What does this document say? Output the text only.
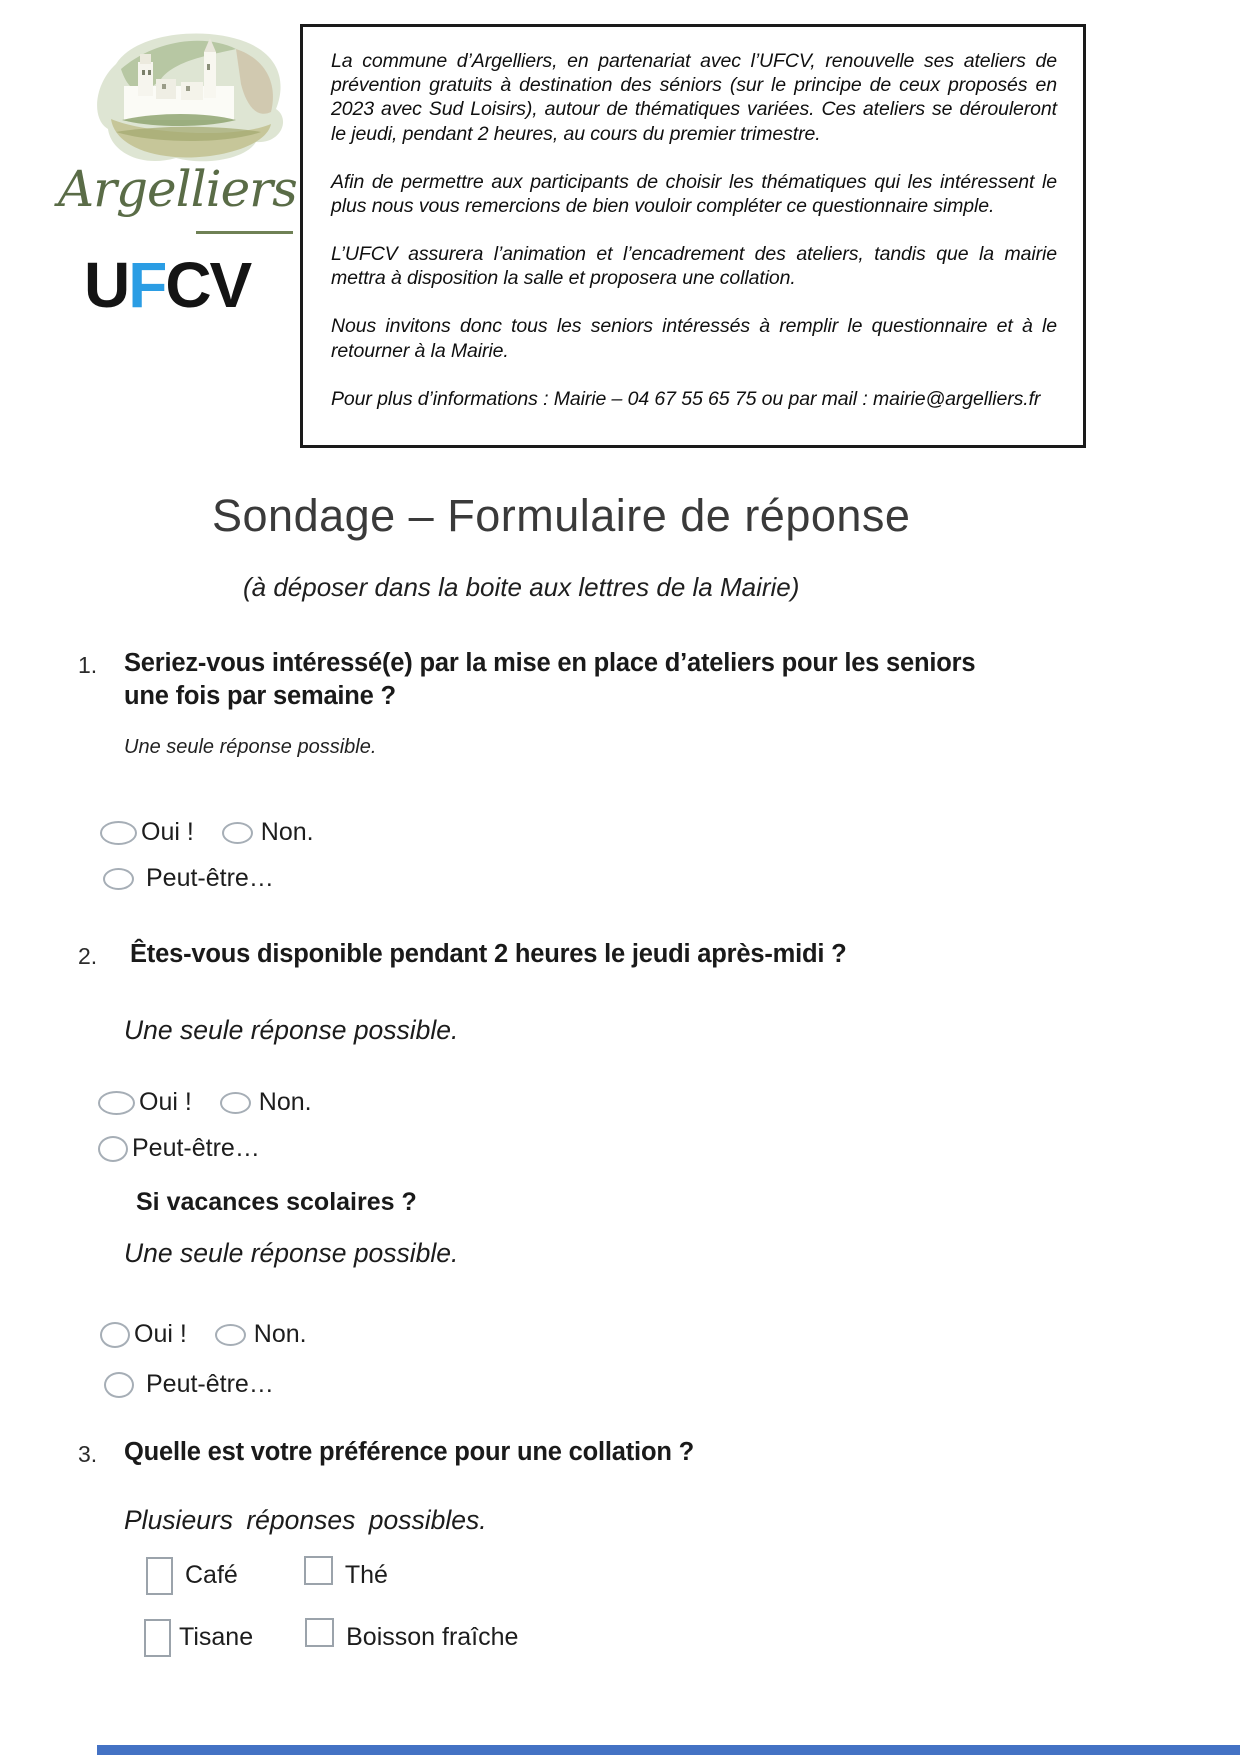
Argelliers
UFCV

La commune d’Argelliers, en partenariat avec l’UFCV, renouvelle ses ateliers de prévention gratuits à destination des séniors (sur le principe de ceux proposés en 2023 avec Sud Loisirs), autour de thématiques variées. Ces ateliers se dérouleront le jeudi, pendant 2 heures, au cours du premier trimestre.

Afin de permettre aux participants de choisir les thématiques qui les intéressent le plus nous vous remercions de bien vouloir compléter ce questionnaire simple.

L’UFCV assurera l’animation et l’encadrement des ateliers, tandis que la mairie mettra à disposition la salle et proposera une collation.

Nous invitons donc tous les seniors intéressés à remplir le questionnaire et à le retourner à la Mairie.

Pour plus d’informations : Mairie – 04 67 55 65 75 ou par mail : mairie@argelliers.fr

Sondage – Formulaire de réponse
(à déposer dans la boite aux lettres de la Mairie)
1. Seriez-vous intéressé(e) par la mise en place d’ateliers pour les seniors une fois par semaine ?
Une seule réponse possible.
Oui !	Non.
Peut-être…
2. Êtes-vous disponible pendant 2 heures le jeudi après-midi ?
Une seule réponse possible.
Oui !	Non.
Peut-être…
Si vacances scolaires ?
Une seule réponse possible.
Oui !	Non.
Peut-être…
3. Quelle est votre préférence pour une collation ?
Plusieurs réponses possibles.
Café	Thé
Tisane	Boisson fraîche
